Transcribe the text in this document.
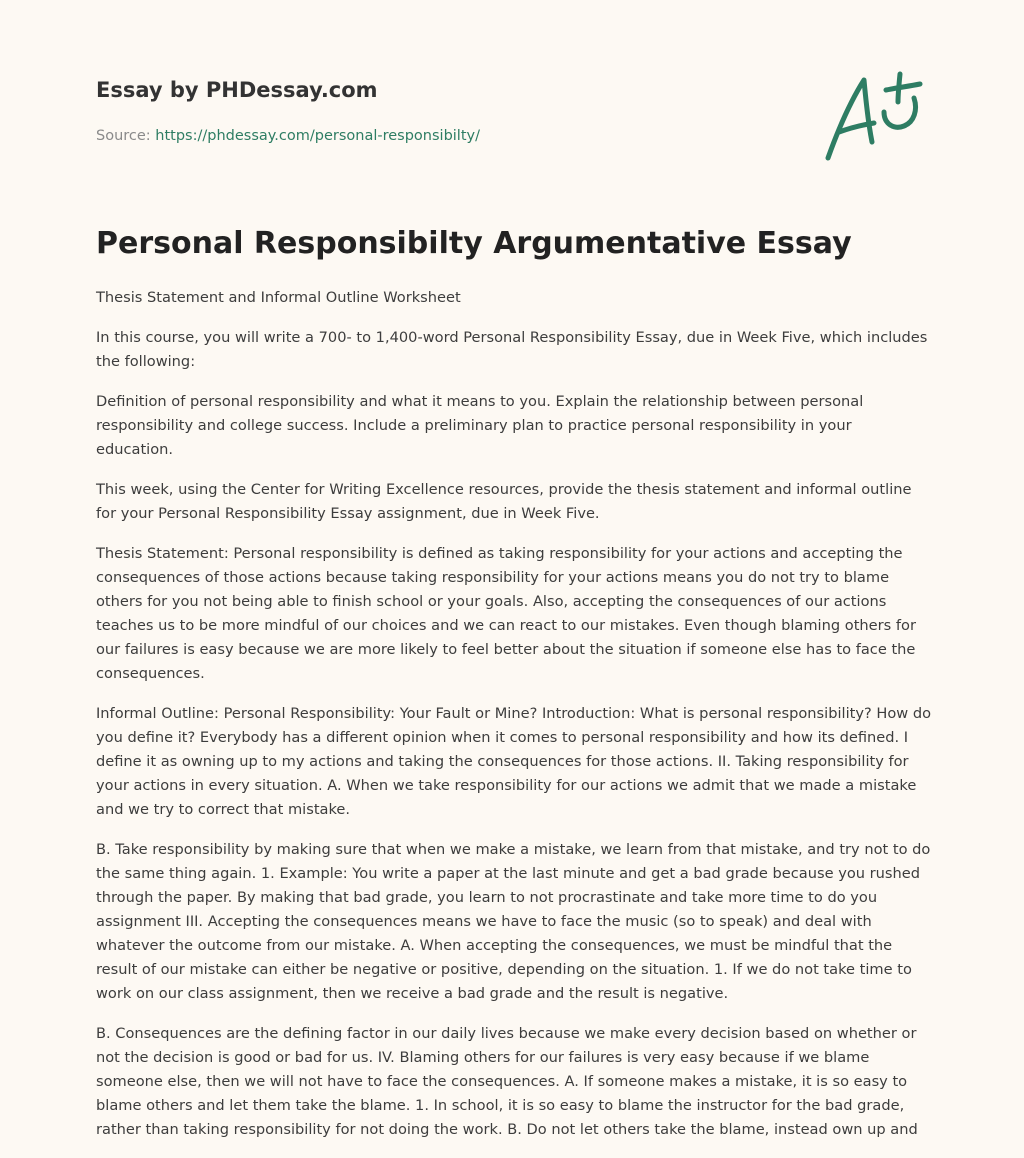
Essay by PHDessay.com
Source: https://phdessay.com/personal-responsibilty/
Personal Responsibilty Argumentative Essay

Thesis Statement and Informal Outline Worksheet

In this course, you will write a 700- to 1,400-word Personal Responsibility Essay, due in Week Five, which includes the following:

Definition of personal responsibility and what it means to you. Explain the relationship between personal responsibility and college success. Include a preliminary plan to practice personal responsibility in your education.

This week, using the Center for Writing Excellence resources, provide the thesis statement and informal outline for your Personal Responsibility Essay assignment, due in Week Five.

Thesis Statement: Personal responsibility is defined as taking responsibility for your actions and accepting the consequences of those actions because taking responsibility for your actions means you do not try to blame others for you not being able to finish school or your goals. Also, accepting the consequences of our actions teaches us to be more mindful of our choices and we can react to our mistakes. Even though blaming others for our failures is easy because we are more likely to feel better about the situation if someone else has to face the consequences.

Informal Outline: Personal Responsibility: Your Fault or Mine? Introduction: What is personal responsibility? How do you define it? Everybody has a different opinion when it comes to personal responsibility and how its defined. I define it as owning up to my actions and taking the consequences for those actions. II. Taking responsibility for your actions in every situation. A. When we take responsibility for our actions we admit that we made a mistake and we try to correct that mistake.

B. Take responsibility by making sure that when we make a mistake, we learn from that mistake, and try not to do the same thing again. 1. Example: You write a paper at the last minute and get a bad grade because you rushed through the paper. By making that bad grade, you learn to not procrastinate and take more time to do you assignment III. Accepting the consequences means we have to face the music (so to speak) and deal with whatever the outcome from our mistake. A. When accepting the consequences, we must be mindful that the result of our mistake can either be negative or positive, depending on the situation. 1. If we do not take time to work on our class assignment, then we receive a bad grade and the result is negative.

B. Consequences are the defining factor in our daily lives because we make every decision based on whether or not the decision is good or bad for us. IV. Blaming others for our failures is very easy because if we blame someone else, then we will not have to face the consequences. A. If someone makes a mistake, it is so easy to blame others and let them take the blame. 1. In school, it is so easy to blame the instructor for the bad grade, rather than taking responsibility for not doing the work. B. Do not let others take the blame, instead own up and
